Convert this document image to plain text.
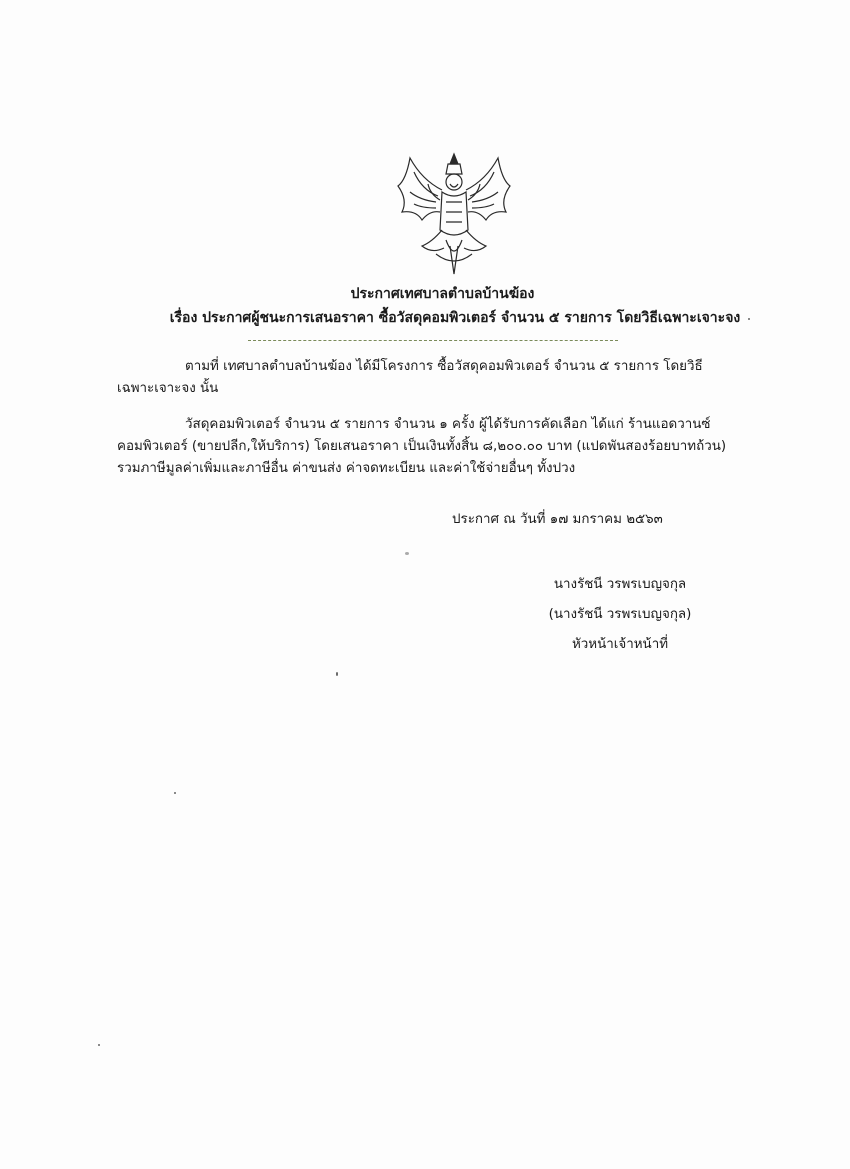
ประกาศเทศบาลตำบลบ้านฆ้อง
เรื่อง ประกาศผู้ชนะการเสนอราคา ซื้อวัสดุคอมพิวเตอร์ จำนวน ๕ รายการ โดยวิธีเฉพาะเจาะจง
ตามที่ เทศบาลตำบลบ้านฆ้อง ได้มีโครงการ ซื้อวัสดุคอมพิวเตอร์ จำนวน ๕ รายการ โดยวิธี
เฉพาะเจาะจง นั้น
วัสดุคอมพิวเตอร์ จำนวน ๕ รายการ จำนวน ๑ ครั้ง ผู้ได้รับการคัดเลือก ได้แก่ ร้านแอดวานซ์
คอมพิวเตอร์ (ขายปลีก,ให้บริการ) โดยเสนอราคา เป็นเงินทั้งสิ้น ๘,๒๐๐.๐๐ บาท (แปดพันสองร้อยบาทถ้วน)
รวมภาษีมูลค่าเพิ่มและภาษีอื่น ค่าขนส่ง ค่าจดทะเบียน และค่าใช้จ่ายอื่นๆ ทั้งปวง
ประกาศ ณ วันที่ ๑๗ มกราคม ๒๕๖๓
นางรัชนี วรพรเบญจกุล
(นางรัชนี วรพรเบญจกุล)
หัวหน้าเจ้าหน้าที่
